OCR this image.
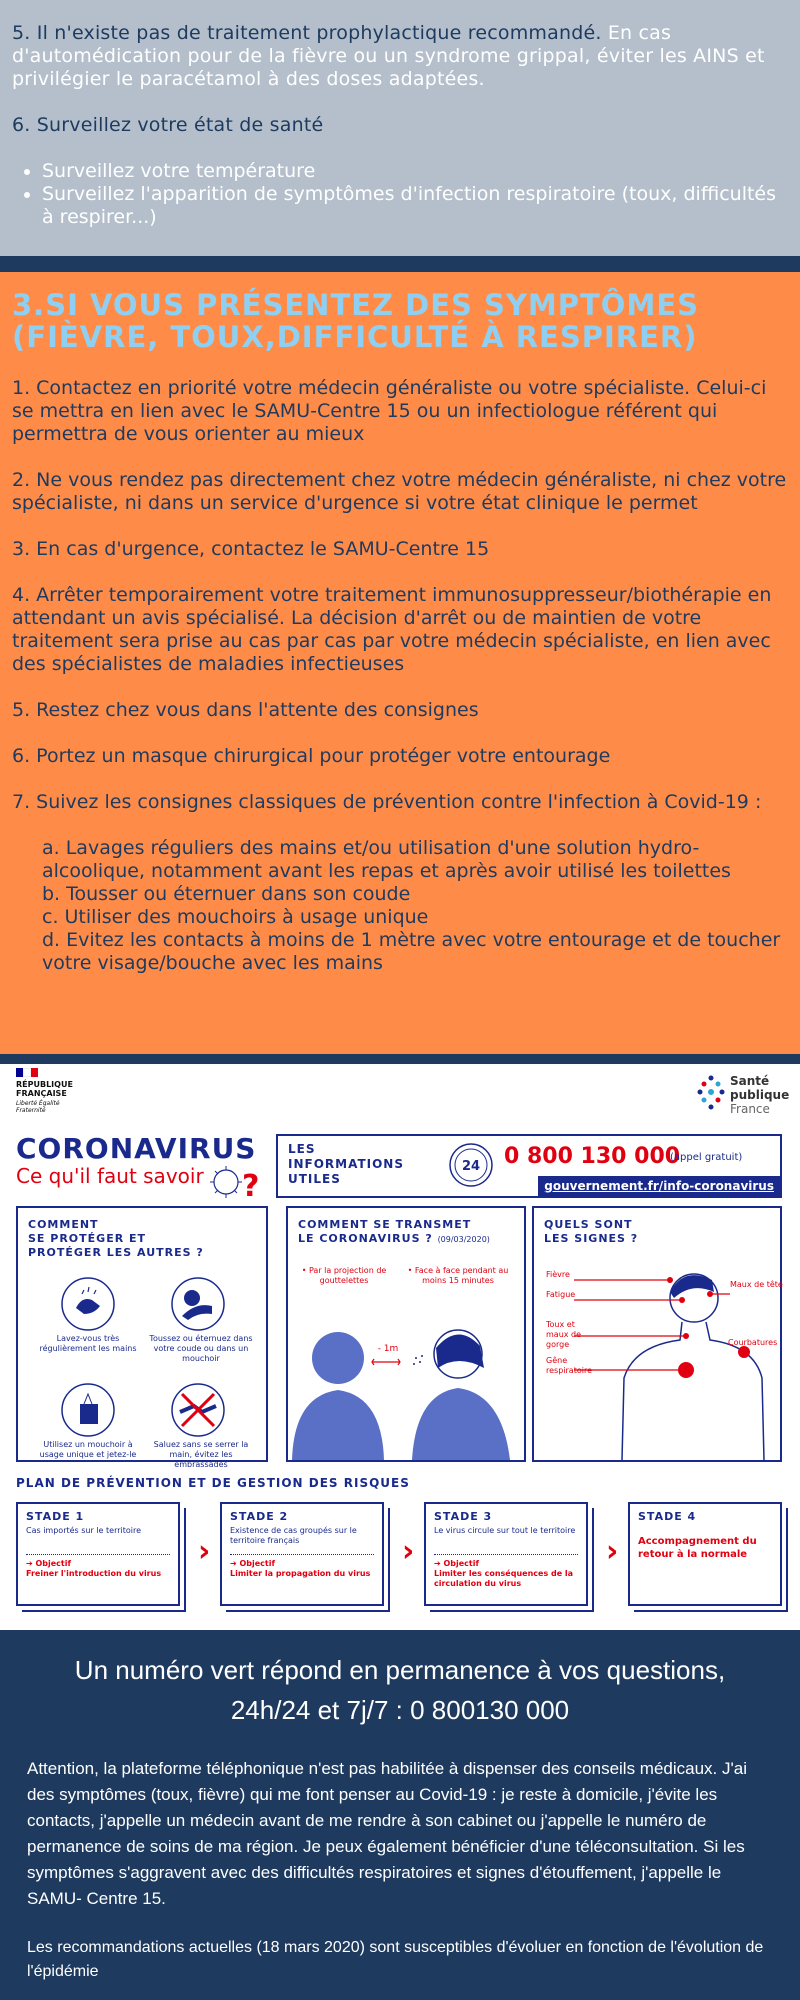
5. Il n'existe pas de traitement prophylactique recommandé. En cas d'automédication pour de la fièvre ou un syndrome grippal, éviter les AINS et privilégier le paracétamol à des doses adaptées.

6. Surveillez votre état de santé

• Surveillez votre température
• Surveillez l'apparition de symptômes d'infection respiratoire (toux, difficultés à respirer...)
3.SI VOUS PRÉSENTEZ DES SYMPTÔMES (FIÈVRE, TOUX,DIFFICULTÉ À RESPIRER)

1. Contactez en priorité votre médecin généraliste ou votre spécialiste. Celui-ci se mettra en lien avec le SAMU-Centre 15 ou un infectiologue référent qui permettra de vous orienter au mieux

2. Ne vous rendez pas directement chez votre médecin généraliste, ni chez votre spécialiste, ni dans un service d'urgence si votre état clinique le permet

3. En cas d'urgence, contactez le SAMU-Centre 15

4. Arrêter temporairement votre traitement immunosuppresseur/biothérapie en attendant un avis spécialisé. La décision d'arrêt ou de maintien de votre traitement sera prise au cas par cas par votre médecin spécialiste, en lien avec des spécialistes de maladies infectieuses

5. Restez chez vous dans l'attente des consignes

6. Portez un masque chirurgical pour protéger votre entourage

7. Suivez les consignes classiques de prévention contre l'infection à Covid-19 :

a. Lavages réguliers des mains et/ou utilisation d'une solution hydro-alcoolique, notamment avant les repas et après avoir utilisé les toilettes

b. Tousser ou éternuer dans son coude

c. Utiliser des mouchoirs à usage unique

d. Evitez les contacts à moins de 1 mètre avec votre entourage et de toucher votre visage/bouche avec les mains

RÉPUBLIQUE
FRANÇAISE
Liberté Égalité Fraternité
Santé
publique
France
CORONAVIRUS
Ce qu'il faut savoir ?
LES
INFORMATIONS
UTILES
24 0 800 130 000
(appel gratuit)
gouvernement.fr/info-coronavirus
COMMENT
SE PROTÉGER ET
PROTÉGER LES AUTRES ?
Lavez-vous très régulièrement les mains
Toussez ou éternuez dans votre coude ou dans un mouchoir
Utilisez un mouchoir à usage unique et jetez-le
Saluez sans se serrer la main, évitez les embrassades
COMMENT SE TRANSMET
LE CORONAVIRUS ? (09/03/2020)
• Par la projection de gouttelettes
• Face à face pendant au moins 15 minutes
- 1m
QUELS SONT
LES SIGNES ?
Fièvre
Fatigue
Toux et maux de gorge
Gêne respiratoire
Maux de tête
Courbatures
PLAN DE PRÉVENTION ET DE GESTION DES RISQUES
STADE 1
Cas importés sur le territoire
➔ Objectif
Freiner l'introduction du virus
›
STADE 2
Existence de cas groupés sur le territoire français
➔ Objectif
Limiter la propagation du virus
›
STADE 3
Le virus circule sur tout le territoire
➔ Objectif
Limiter les conséquences de la circulation du virus
›
STADE 4
Accompagnement du retour à la normale
Un numéro vert répond en permanence à vos questions,
24h/24 et 7j/7 : 0 800130 000

Attention, la plateforme téléphonique n'est pas habilitée à dispenser des conseils médicaux. J'ai des symptômes (toux, fièvre) qui me font penser au Covid-19 : je reste à domicile, j'évite les contacts, j'appelle un médecin avant de me rendre à son cabinet ou j'appelle le numéro de permanence de soins de ma région. Je peux également bénéficier d'une téléconsultation. Si les symptômes s'aggravent avec des difficultés respiratoires et signes d'étouffement, j'appelle le SAMU- Centre 15.

Les recommandations actuelles (18 mars 2020) sont susceptibles d'évoluer en fonction de l'évolution de l'épidémie
